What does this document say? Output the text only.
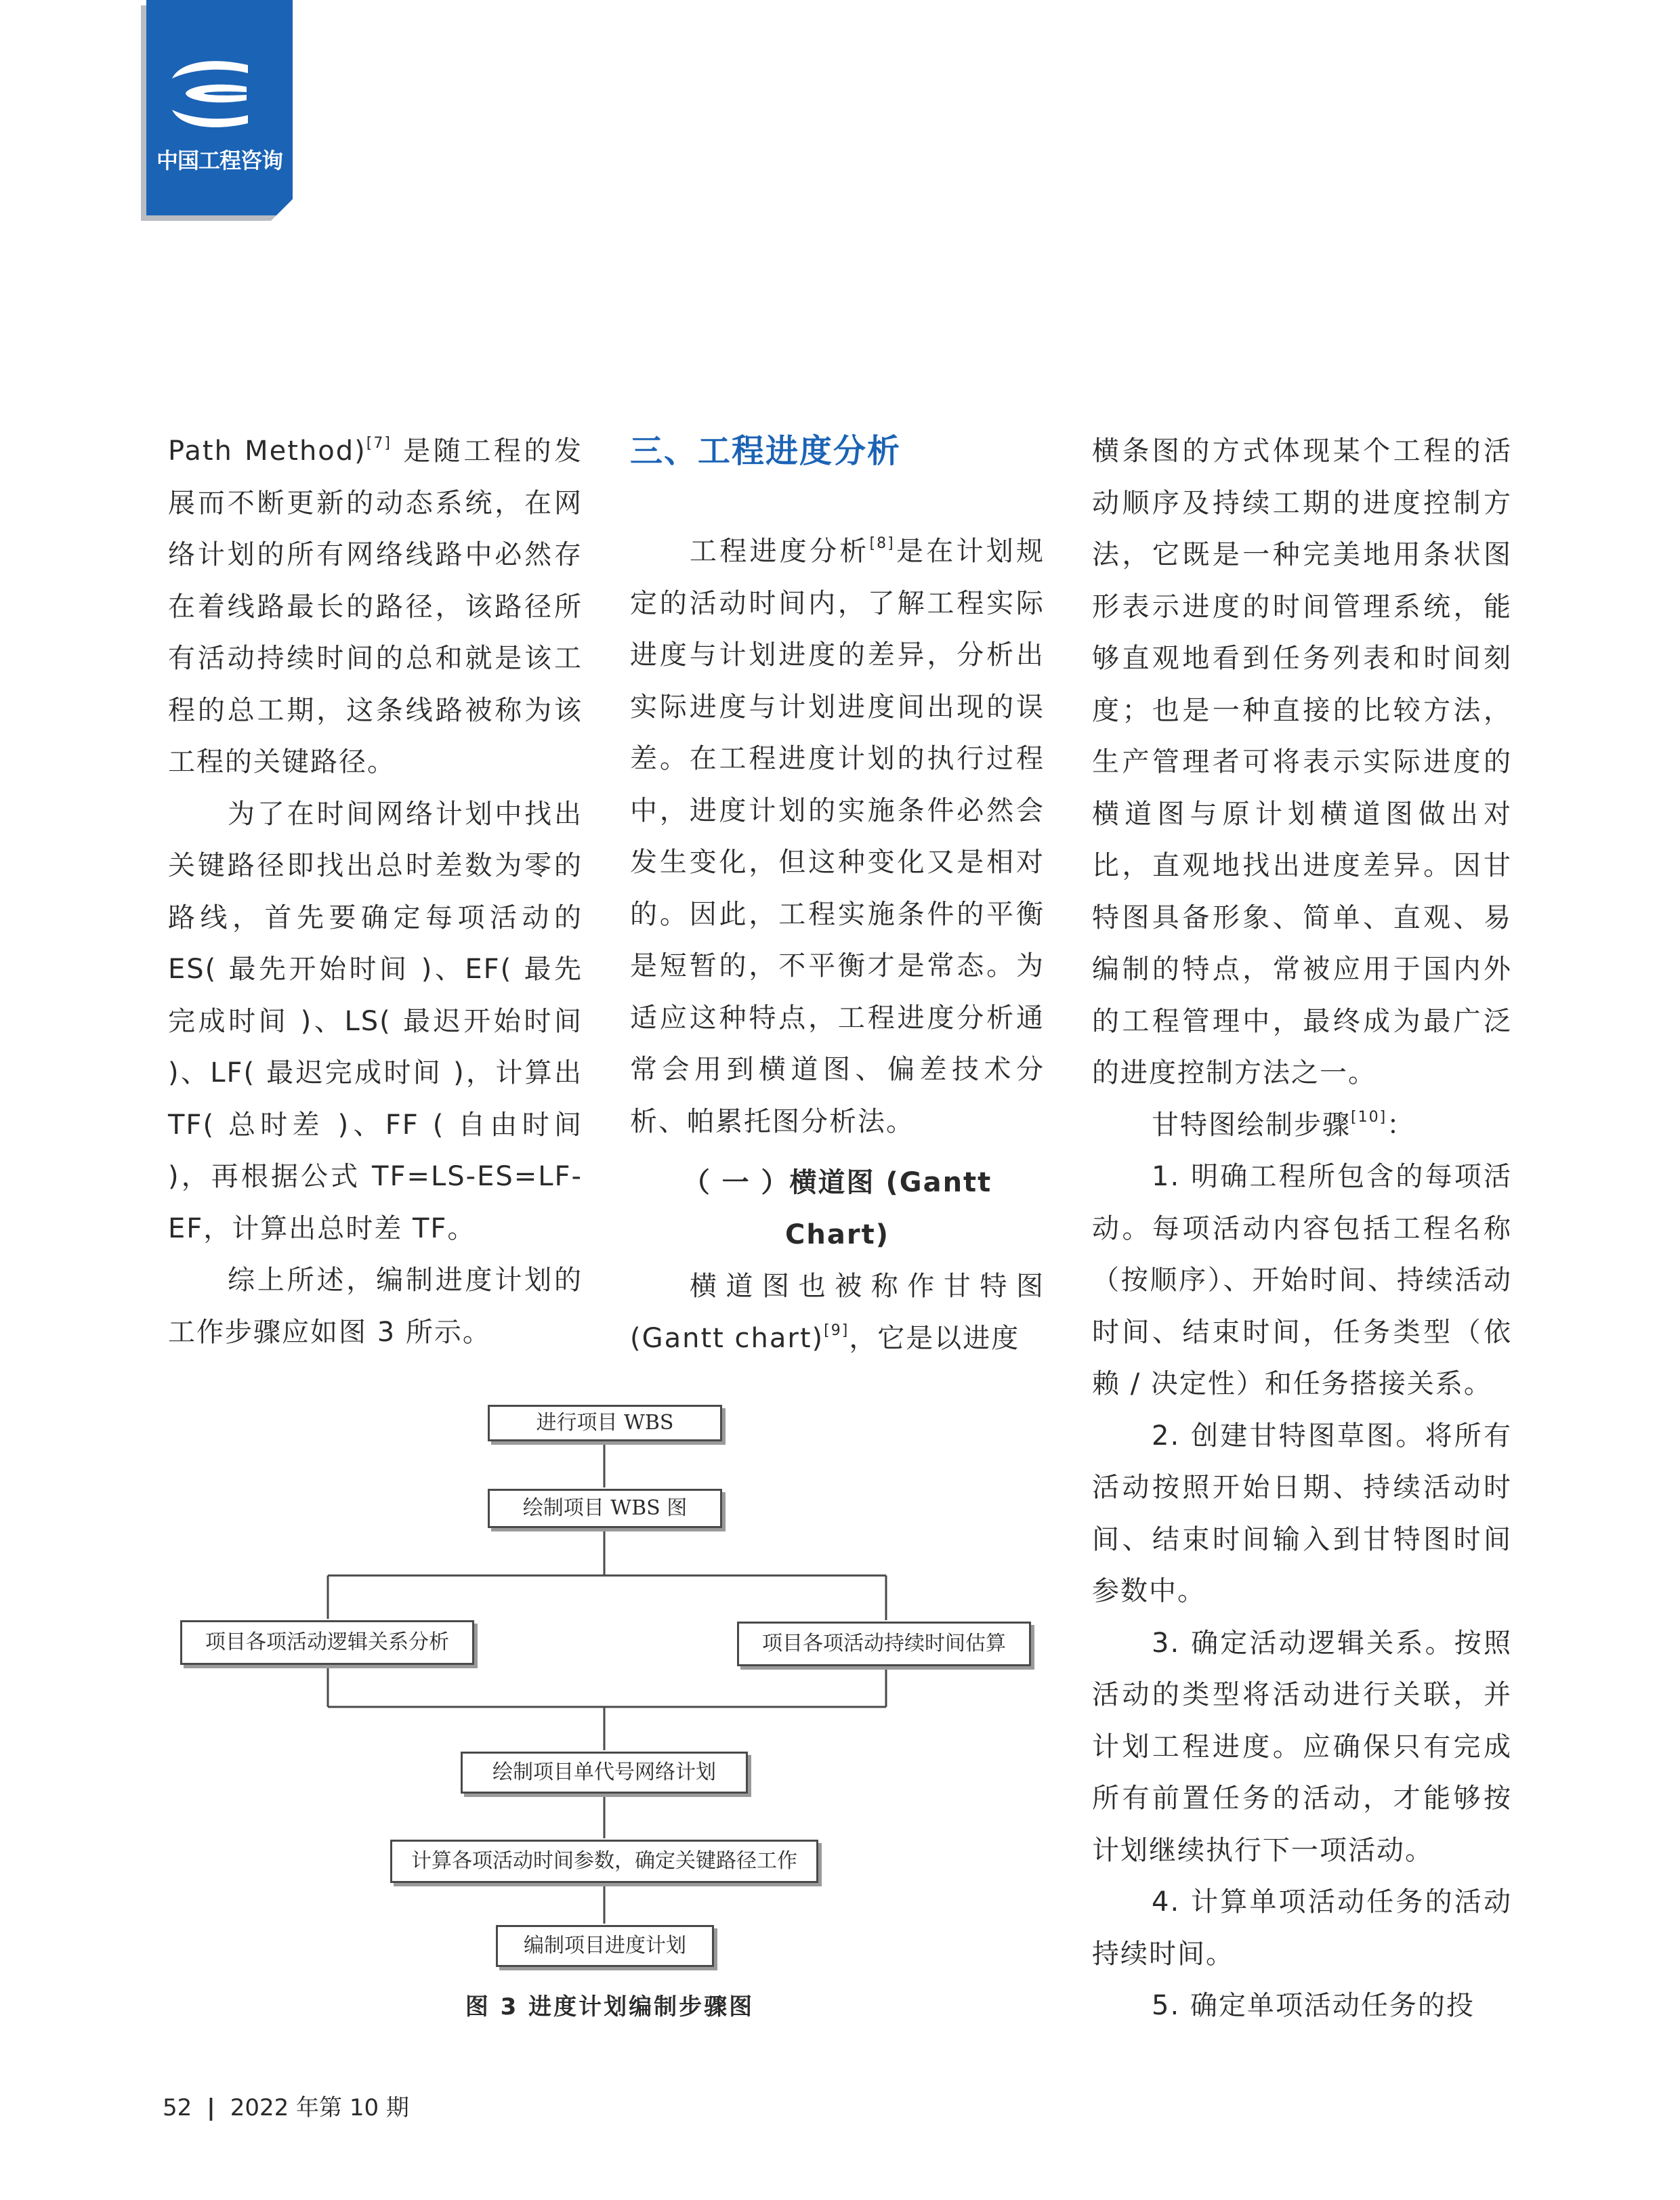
中国工程咨询

Path Method)[7] 是随工程的发展而不断更新的动态系统，在网络计划的所有网络线路中必然存在着线路最长的路径，该路径所有活动持续时间的总和就是该工程的总工期，这条线路被称为该工程的关键路径。

为了在时间网络计划中找出关键路径即找出总时差数为零的路线，首先要确定每项活动的 ES( 最先开始时间 )、EF( 最先完成时间 )、LS( 最迟开始时间 )、LF( 最迟完成时间 )，计算出 TF( 总时差 )、FF ( 自由时间 )，再根据公式 TF=LS-ES=LF-EF，计算出总时差 TF。

综上所述，编制进度计划的工作步骤应如图 3 所示。

三、工程进度分析

工程进度分析[8]是在计划规定的活动时间内，了解工程实际进度与计划进度的差异，分析出实际进度与计划进度间出现的误差。在工程进度计划的执行过程中，进度计划的实施条件必然会发生变化，但这种变化又是相对的。因此，工程实施条件的平衡是短暂的，不平衡才是常态。为适应这种特点，工程进度分析通常会用到横道图、偏差技术分析、帕累托图分析法。

（ 一 ）横道图 (Gantt Chart)

横道图也被称作甘特图 (Gantt chart)[9]，它是以进度

横条图的方式体现某个工程的活动顺序及持续工期的进度控制方法，它既是一种完美地用条状图形表示进度的时间管理系统，能够直观地看到任务列表和时间刻度；也是一种直接的比较方法，生产管理者可将表示实际进度的横道图与原计划横道图做出对比，直观地找出进度差异。因甘特图具备形象、简单、直观、易编制的特点，常被应用于国内外的工程管理中，最终成为最广泛的进度控制方法之一。

甘特图绘制步骤[10]：

1. 明确工程所包含的每项活动。每项活动内容包括工程名称（按顺序）、开始时间、持续活动时间、结束时间，任务类型（依赖 / 决定性）和任务搭接关系。

2. 创建甘特图草图。将所有活动按照开始日期、持续活动时间、结束时间输入到甘特图时间参数中。

3. 确定活动逻辑关系。按照活动的类型将活动进行关联，并计划工程进度。应确保只有完成所有前置任务的活动，才能够按计划继续执行下一项活动。

4. 计算单项活动任务的活动持续时间。

5. 确定单项活动任务的投

进行项目 WBS
绘制项目 WBS 图
项目各项活动逻辑关系分析	项目各项活动持续时间估算
绘制项目单代号网络计划
计算各项活动时间参数，确定关键路径工作
编制项目进度计划
图 3 进度计划编制步骤图
52 | 2022 年第 10 期
